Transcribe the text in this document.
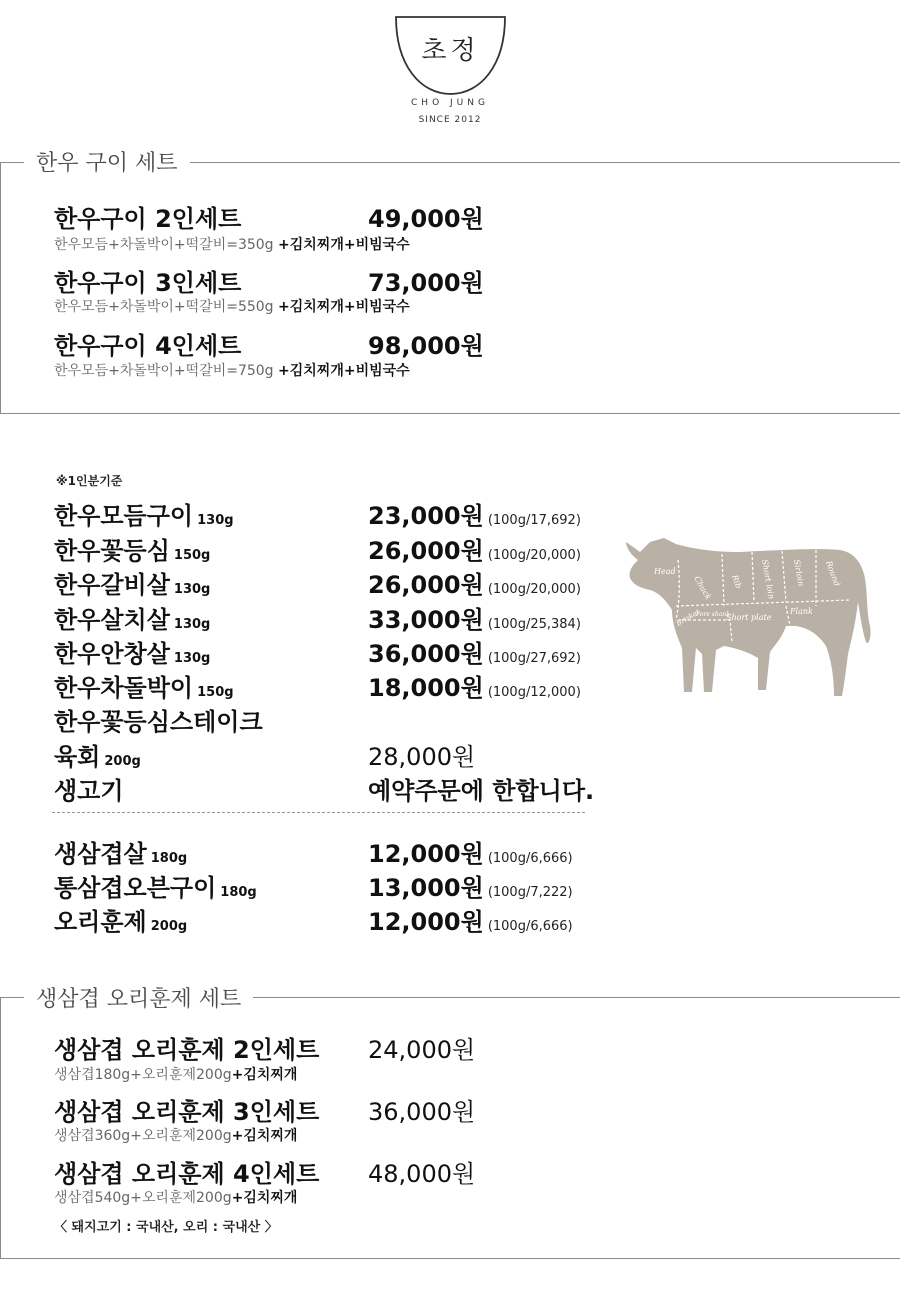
초정
CHO JUNG
SINCE 2012
한우 구이 세트
한우구이 2인세트	49,000원
한우모듬+차돌박이+떡갈비=350g +김치찌개+비빔국수
한우구이 3인세트	73,000원
한우모듬+차돌박이+떡갈비=550g +김치찌개+비빔국수
한우구이 4인세트	98,000원
한우모듬+차돌박이+떡갈비=750g +김치찌개+비빔국수
※1인분기준
한우모듬구이 130g	23,000원 (100g/17,692)
한우꽃등심 150g	26,000원 (100g/20,000)
한우갈비살 130g	26,000원 (100g/20,000)
한우살치살 130g	33,000원 (100g/25,384)
한우안창살 130g	36,000원 (100g/27,692)
한우차돌박이 150g	18,000원 (100g/12,000)
한우꽃등심스테이크
육회 200g	28,000원
생고기	예약주문에 한합니다.
생삼겹살 180g	12,000원 (100g/6,666)
통삼겹오븐구이 180g	13,000원 (100g/7,222)
오리훈제 200g	12,000원 (100g/6,666)
Head
Chuck Rib Short loin Sirloin Round
Brisket
Fore shank
Short plate
Flank
생삼겹 오리훈제 세트
생삼겹 오리훈제 2인세트 24,000원
생삼겹180g+오리훈제200g+김치찌개
생삼겹 오리훈제 3인세트 36,000원
생삼겹360g+오리훈제200g+김치찌개
생삼겹 오리훈제 4인세트 48,000원
생삼겹540g+오리훈제200g+김치찌개
〈 돼지고기 : 국내산, 오리 : 국내산 〉
